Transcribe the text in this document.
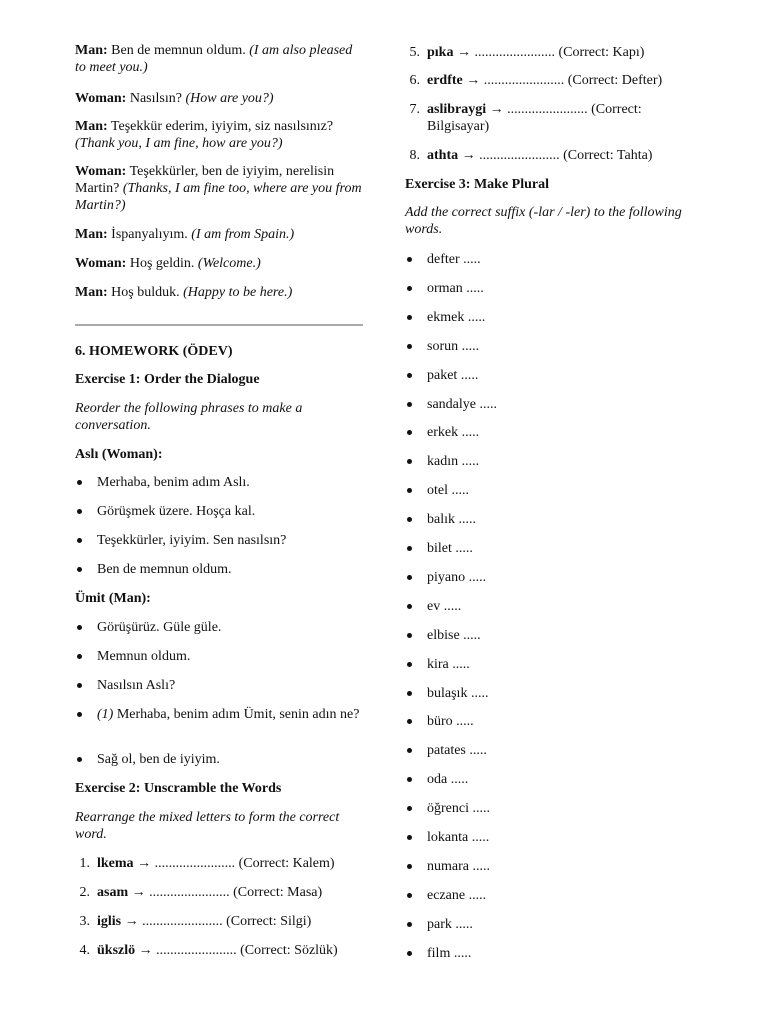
Man: Ben de memnun oldum. (I am also pleased to meet you.)

Woman: Nasılsın? (How are you?)

Man: Teşekkür ederim, iyiyim, siz nasılsınız? (Thank you, I am fine, how are you?)

Woman: Teşekkürler, ben de iyiyim, nerelisin Martin? (Thanks, I am fine too, where are you from Martin?)

Man: İspanyalıyım. (I am from Spain.)

Woman: Hoş geldin. (Welcome.)

Man: Hoş bulduk. (Happy to be here.)

6. HOMEWORK (ÖDEV)

Exercise 1: Order the Dialogue

Reorder the following phrases to make a conversation.

Aslı (Woman):

Merhaba, benim adım Aslı.

Görüşmek üzere. Hoşça kal.

Teşekkürler, iyiyim. Sen nasılsın?

Ben de memnun oldum.

Ümit (Man):

Görüşürüz. Güle güle.

Memnun oldum.

Nasılsın Aslı?

(1) Merhaba, benim adım Ümit, senin adın ne?

Sağ ol, ben de iyiyim.

Exercise 2: Unscramble the Words

Rearrange the mixed letters to form the correct word.

1. lkema → ....................... (Correct: Kalem)

2. asam → ....................... (Correct: Masa)

3. iglis → ....................... (Correct: Silgi)

4. ükszlö → ....................... (Correct: Sözlük)

5. pıka → ....................... (Correct: Kapı)

6. erdfte → ....................... (Correct: Defter)

7. aslibraygi → ....................... (Correct: Bilgisayar)

8. athta → ....................... (Correct: Tahta)

Exercise 3: Make Plural

Add the correct suffix (-lar / -ler) to the following words.

defter .....

orman .....

ekmek .....

sorun .....

paket .....

sandalye .....

erkek .....

kadın .....

otel .....

balık .....

bilet .....

piyano .....

ev .....

elbise .....

kira .....

bulaşık .....

büro .....

patates .....

oda .....

öğrenci .....

lokanta .....

numara .....

eczane .....

park .....

film .....
